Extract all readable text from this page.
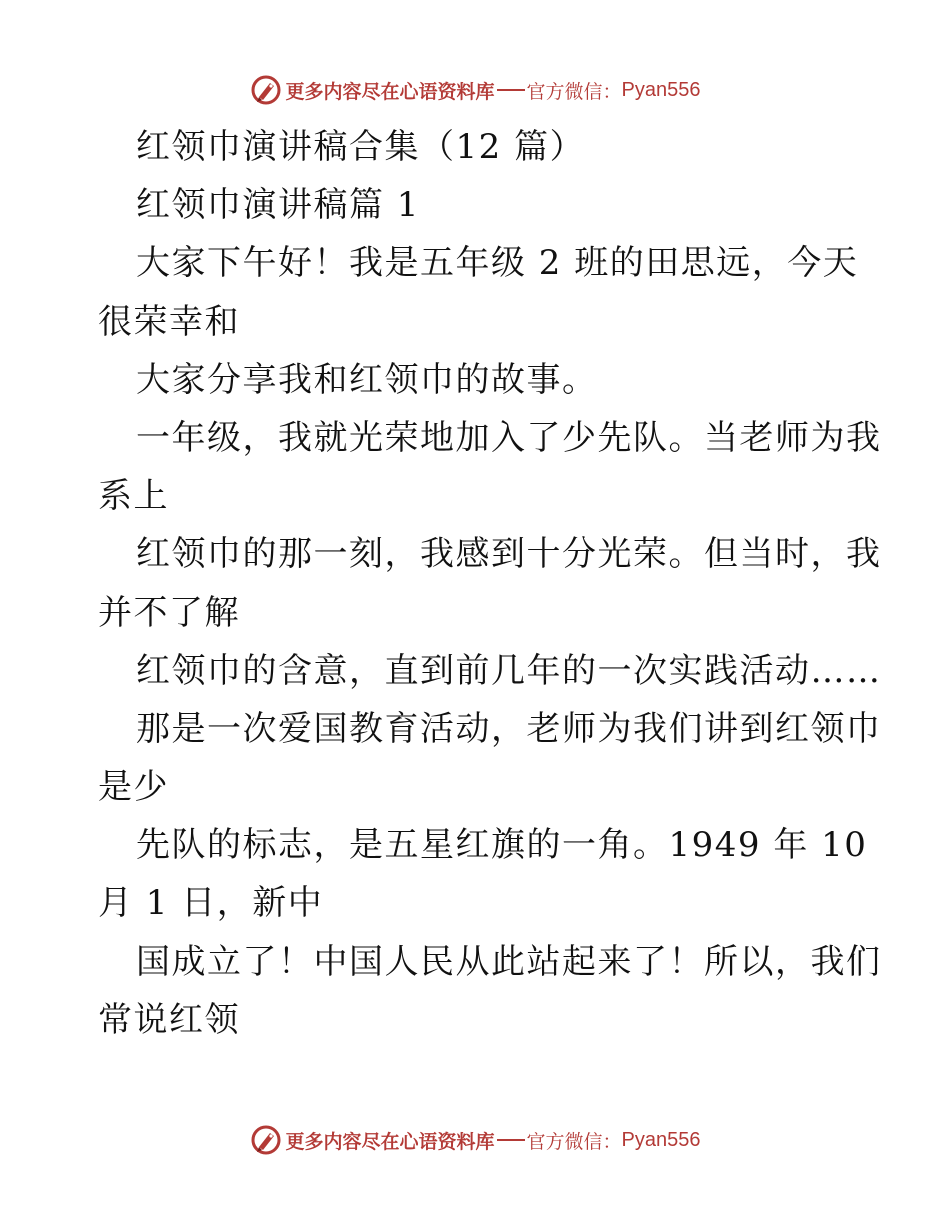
更多内容尽在心语资料库 官方微信： Pyan556
红领巾演讲稿合集（12 篇）
红领巾演讲稿篇 1
大家下午好！我是五年级 2 班的田思远，今天
很荣幸和
大家分享我和红领巾的故事。
一年级，我就光荣地加入了少先队。当老师为我
系上
红领巾的那一刻，我感到十分光荣。但当时，我
并不了解
红领巾的含意，直到前几年的一次实践活动……
那是一次爱国教育活动，老师为我们讲到红领巾
是少
先队的标志，是五星红旗的一角。1949 年 10
月 1 日，新中
国成立了！中国人民从此站起来了！所以，我们
常说红领
更多内容尽在心语资料库 官方微信： Pyan556
